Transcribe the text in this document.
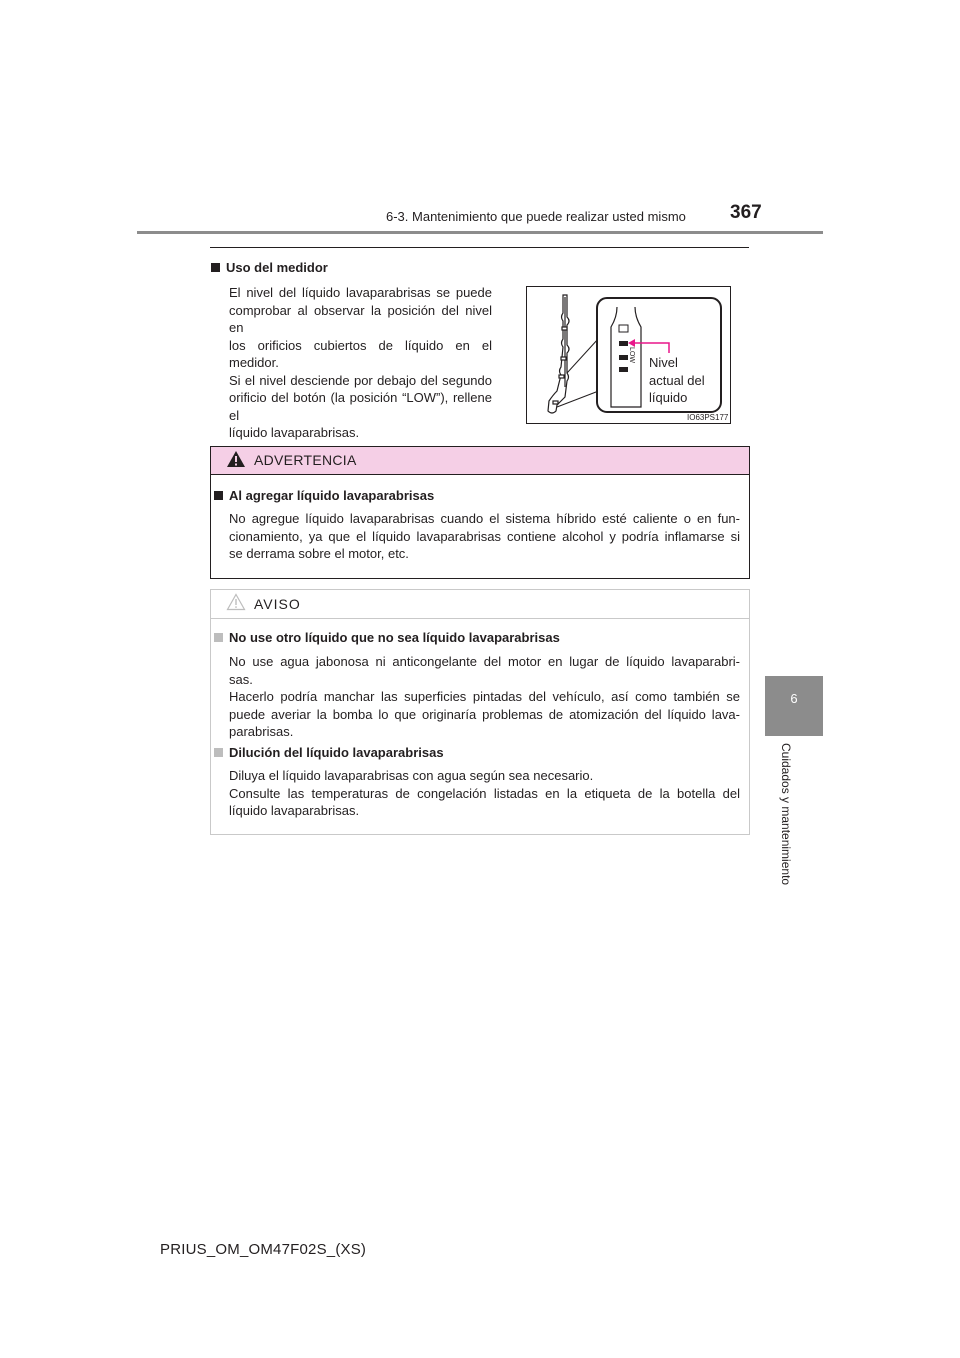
6-3. Mantenimiento que puede realizar usted mismo 367
6
Cuidados y mantenimiento
Uso del medidor
El nivel del líquido lavaparabrisas se puede
comprobar al observar la posición del nivel en
los orificios cubiertos de líquido en el medidor.
Si el nivel desciende por debajo del segundo
orificio del botón (la posición “LOW”), rellene el
líquido lavaparabrisas.
LOW Nivel
actual del
líquido
IO63PS177
ADVERTENCIA
Al agregar líquido lavaparabrisas
No agregue líquido lavaparabrisas cuando el sistema híbrido esté caliente o en fun-
cionamiento, ya que el líquido lavaparabrisas contiene alcohol y podría inflamarse si
se derrama sobre el motor, etc.
AVISO
No use otro líquido que no sea líquido lavaparabrisas
No use agua jabonosa ni anticongelante del motor en lugar de líquido lavaparabri-
sas.
Hacerlo podría manchar las superficies pintadas del vehículo, así como también se
puede averiar la bomba lo que originaría problemas de atomización del líquido lava-
parabrisas.
Dilución del líquido lavaparabrisas
Diluya el líquido lavaparabrisas con agua según sea necesario.
Consulte las temperaturas de congelación listadas en la etiqueta de la botella del
líquido lavaparabrisas.
PRIUS_OM_OM47F02S_(XS)
